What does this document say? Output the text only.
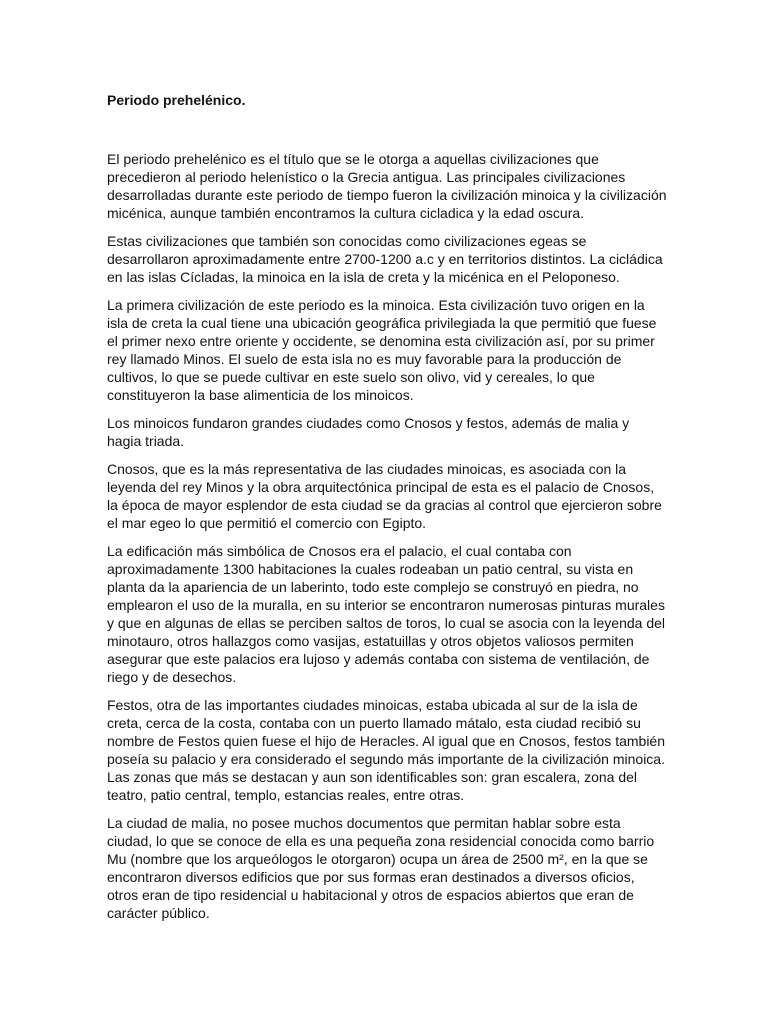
Periodo prehelénico.

El periodo prehelénico es el título que se le otorga a aquellas civilizaciones que precedieron al periodo helenístico o la Grecia antigua. Las principales civilizaciones desarrolladas durante este periodo de tiempo fueron la civilización minoica y la civilización micénica, aunque también encontramos la cultura cicladica y la edad oscura.

Estas civilizaciones que también son conocidas como civilizaciones egeas se desarrollaron aproximadamente entre 2700-1200 a.c y en territorios distintos. La cicládica en las islas Cícladas, la minoica en la isla de creta y la micénica en el Peloponeso.

La primera civilización de este periodo es la minoica. Esta civilización tuvo origen en la isla de creta la cual tiene una ubicación geográfica privilegiada la que permitió que fuese el primer nexo entre oriente y occidente, se denomina esta civilización así, por su primer rey llamado Minos. El suelo de esta isla no es muy favorable para la producción de cultivos, lo que se puede cultivar en este suelo son olivo, vid y cereales, lo que constituyeron la base alimenticia de los minoicos.

Los minoicos fundaron grandes ciudades como Cnosos y festos, además de malia y hagia triada.

Cnosos, que es la más representativa de las ciudades minoicas, es asociada con la leyenda del rey Minos y la obra arquitectónica principal de esta es el palacio de Cnosos, la época de mayor esplendor de esta ciudad se da gracias al control que ejercieron sobre el mar egeo lo que permitió el comercio con Egipto.

La edificación más simbólica de Cnosos era el palacio, el cual contaba con aproximadamente 1300 habitaciones la cuales rodeaban un patio central, su vista en planta da la apariencia de un laberinto, todo este complejo se construyó en piedra, no emplearon el uso de la muralla, en su interior se encontraron numerosas pinturas murales y que en algunas de ellas se perciben saltos de toros, lo cual se asocia con la leyenda del minotauro, otros hallazgos como vasijas, estatuillas y otros objetos valiosos permiten asegurar que este palacios era lujoso y además contaba con sistema de ventilación, de riego y de desechos.

Festos, otra de las importantes ciudades minoicas, estaba ubicada al sur de la isla de creta, cerca de la costa, contaba con un puerto llamado mátalo, esta ciudad recibió su nombre de Festos quien fuese el hijo de Heracles. Al igual que en Cnosos, festos también poseía su palacio y era considerado el segundo más importante de la civilización minoica. Las zonas que más se destacan y aun son identificables son: gran escalera, zona del teatro, patio central, templo, estancias reales, entre otras.

La ciudad de malia, no posee muchos documentos que permitan hablar sobre esta ciudad, lo que se conoce de ella es una pequeña zona residencial conocida como barrio Mu (nombre que los arqueólogos le otorgaron) ocupa un área de 2500 m², en la que se encontraron diversos edificios que por sus formas eran destinados a diversos oficios, otros eran de tipo residencial u habitacional y otros de espacios abiertos que eran de carácter público.
